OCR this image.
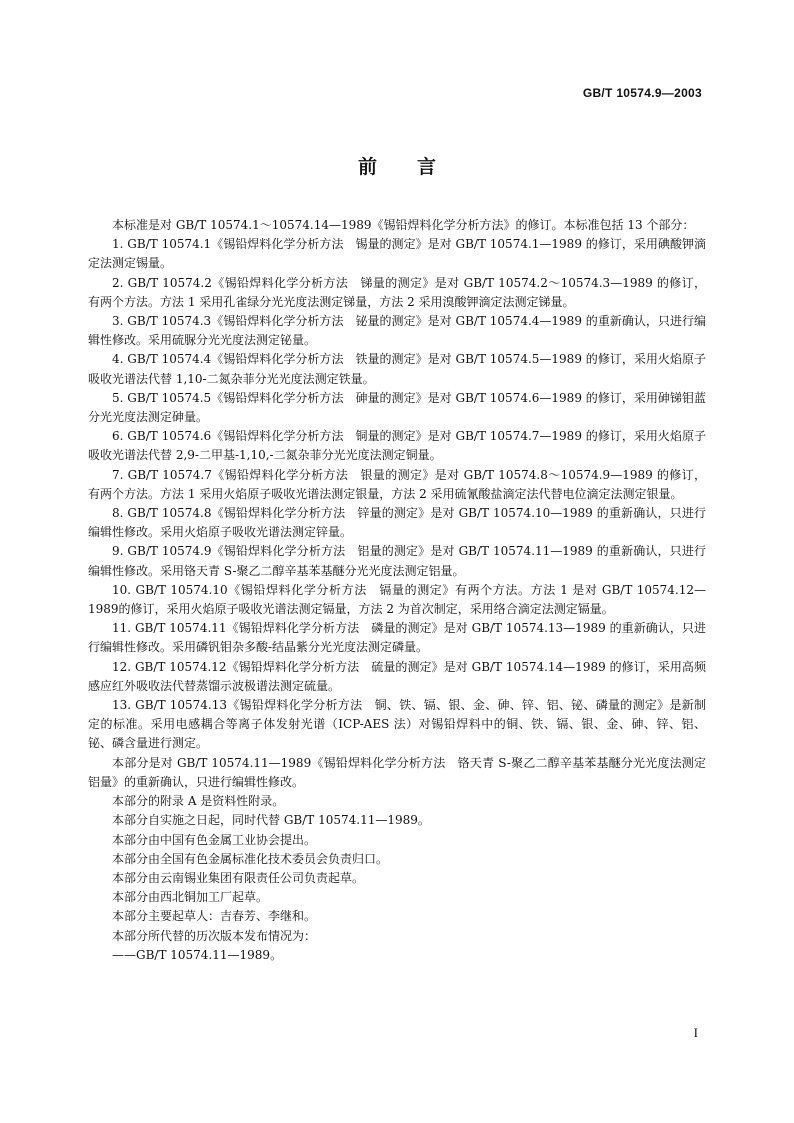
GB/T 10574.9—2003
前言

本标准是对 GB/T 10574.1～10574.14—1989《锡铅焊料化学分析方法》的修订。本标准包括 13 个部分：

1. GB/T 10574.1《锡铅焊料化学分析方法　锡量的测定》是对 GB/T 10574.1—1989 的修订，采用碘酸钾滴定法测定锡量。

2. GB/T 10574.2《锡铅焊料化学分析方法　锑量的测定》是对 GB/T 10574.2～10574.3—1989 的修订，有两个方法。方法 1 采用孔雀绿分光光度法测定锑量，方法 2 采用溴酸钾滴定法测定锑量。

3. GB/T 10574.3《锡铅焊料化学分析方法　铋量的测定》是对 GB/T 10574.4—1989 的重新确认，只进行编辑性修改。采用硫脲分光光度法测定铋量。

4. GB/T 10574.4《锡铅焊料化学分析方法　铁量的测定》是对 GB/T 10574.5—1989 的修订，采用火焰原子吸收光谱法代替 1,10-二氮杂菲分光光度法测定铁量。

5. GB/T 10574.5《锡铅焊料化学分析方法　砷量的测定》是对 GB/T 10574.6—1989 的修订，采用砷锑钼蓝分光光度法测定砷量。

6. GB/T 10574.6《锡铅焊料化学分析方法　铜量的测定》是对 GB/T 10574.7—1989 的修订，采用火焰原子吸收光谱法代替 2,9-二甲基-1,10,-二氮杂菲分光光度法测定铜量。

7. GB/T 10574.7《锡铅焊料化学分析方法　银量的测定》是对 GB/T 10574.8～10574.9—1989 的修订，有两个方法。方法 1 采用火焰原子吸收光谱法测定银量，方法 2 采用硫氰酸盐滴定法代替电位滴定法测定银量。

8. GB/T 10574.8《锡铅焊料化学分析方法　锌量的测定》是对 GB/T 10574.10—1989 的重新确认，只进行编辑性修改。采用火焰原子吸收光谱法测定锌量。

9. GB/T 10574.9《锡铅焊料化学分析方法　铝量的测定》是对 GB/T 10574.11—1989 的重新确认，只进行编辑性修改。采用铬天青 S-聚乙二醇辛基苯基醚分光光度法测定铝量。

10. GB/T 10574.10《锡铅焊料化学分析方法　镉量的测定》有两个方法。方法 1 是对 GB/T 10574.12—1989的修订，采用火焰原子吸收光谱法测定镉量，方法 2 为首次制定，采用络合滴定法测定镉量。

11. GB/T 10574.11《锡铅焊料化学分析方法　磷量的测定》是对 GB/T 10574.13—1989 的重新确认，只进行编辑性修改。采用磷钒钼杂多酸-结晶紫分光光度法测定磷量。

12. GB/T 10574.12《锡铅焊料化学分析方法　硫量的测定》是对 GB/T 10574.14—1989 的修订，采用高频感应红外吸收法代替蒸馏示波极谱法测定硫量。

13. GB/T 10574.13《锡铅焊料化学分析方法　铜、铁、镉、银、金、砷、锌、铝、铋、磷量的测定》是新制定的标准。采用电感耦合等离子体发射光谱（ICP-AES 法）对锡铅焊料中的铜、铁、镉、银、金、砷、锌、铝、铋、磷含量进行测定。

本部分是对 GB/T 10574.11—1989《锡铅焊料化学分析方法　铬天青 S-聚乙二醇辛基苯基醚分光光度法测定铝量》的重新确认，只进行编辑性修改。

本部分的附录 A 是资料性附录。

本部分自实施之日起，同时代替 GB/T 10574.11—1989。

本部分由中国有色金属工业协会提出。

本部分由全国有色金属标准化技术委员会负责归口。

本部分由云南锡业集团有限责任公司负责起草。

本部分由西北铜加工厂起草。

本部分主要起草人：吉春芳、李继和。

本部分所代替的历次版本发布情况为：

——GB/T 10574.11—1989。

I
